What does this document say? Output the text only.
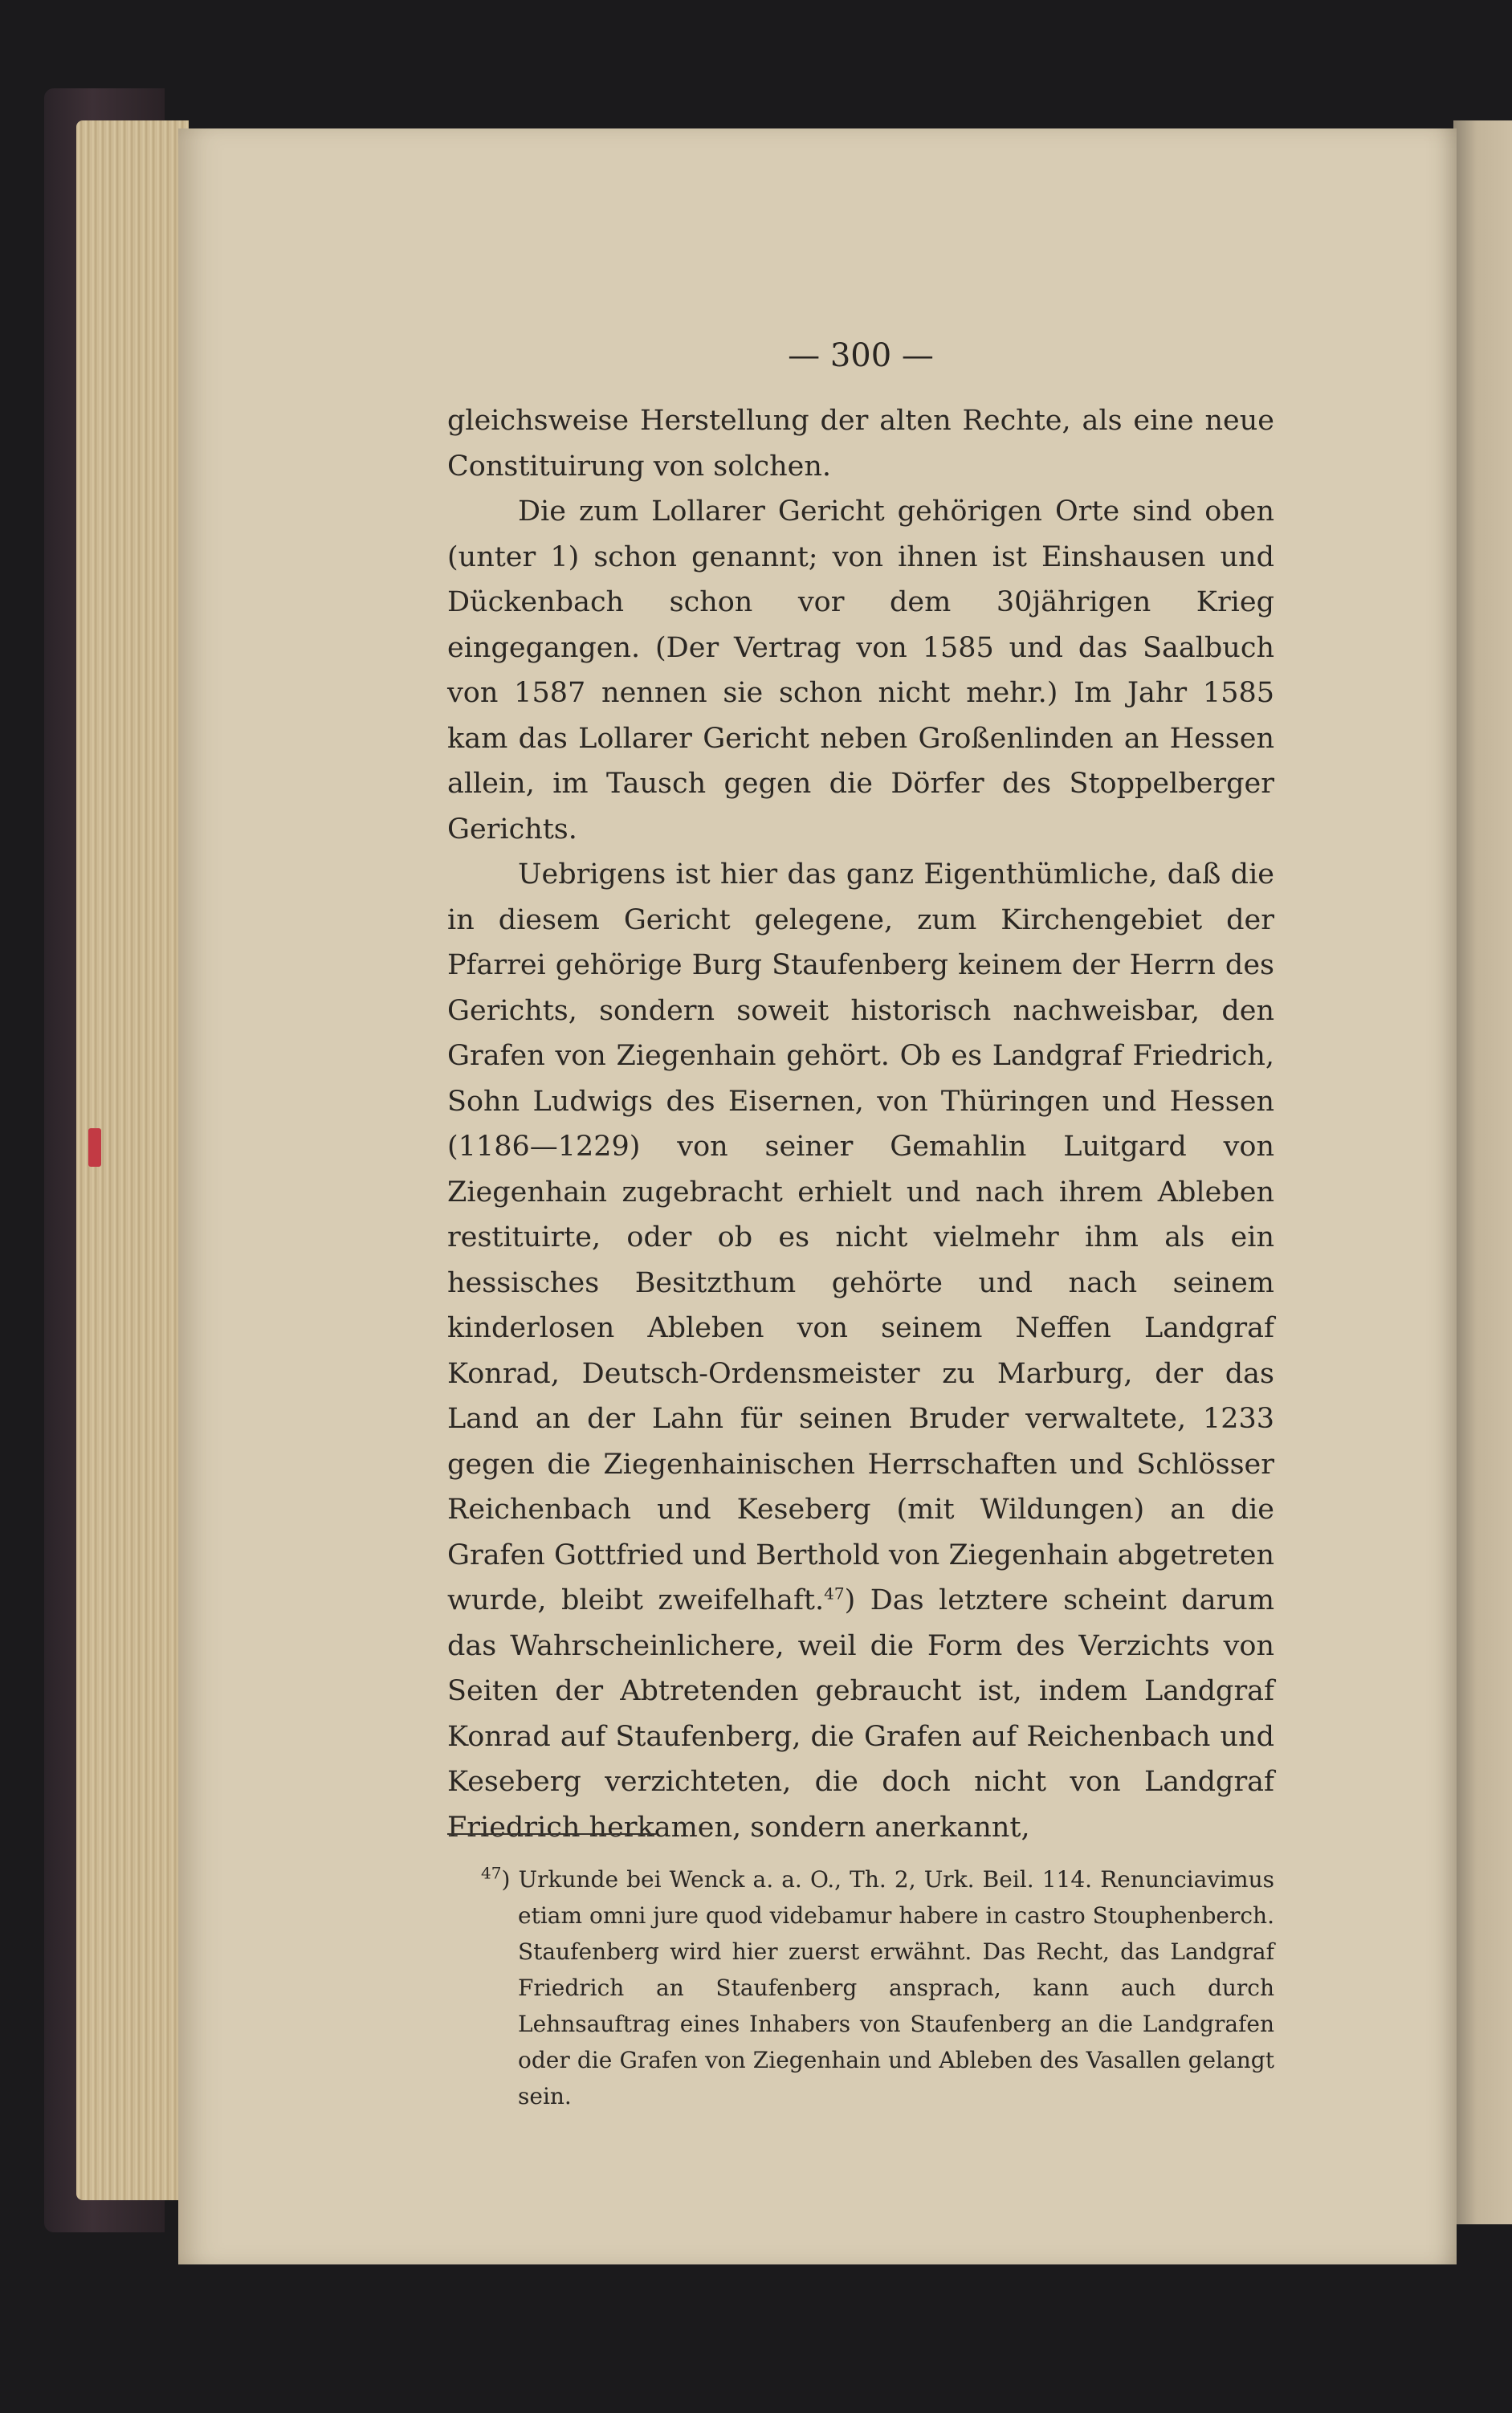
— 300 —

gleichsweise Herstellung der alten Rechte, als eine neue Constituirung von solchen.

Die zum Lollarer Gericht gehörigen Orte sind oben (unter 1) schon genannt; von ihnen ist Einshausen und Dückenbach schon vor dem 30jährigen Krieg eingegangen. (Der Vertrag von 1585 und das Saalbuch von 1587 nennen sie schon nicht mehr.) Im Jahr 1585 kam das Lollarer Gericht neben Großenlinden an Hessen allein, im Tausch gegen die Dörfer des Stoppelberger Gerichts.

Uebrigens ist hier das ganz Eigenthümliche, daß die in diesem Gericht gelegene, zum Kirchengebiet der Pfarrei gehörige Burg Staufenberg keinem der Herrn des Gerichts, sondern soweit historisch nachweisbar, den Grafen von Ziegenhain gehört. Ob es Landgraf Friedrich, Sohn Ludwigs des Eisernen, von Thüringen und Hessen (1186—1229) von seiner Gemahlin Luitgard von Ziegenhain zugebracht erhielt und nach ihrem Ableben restituirte, oder ob es nicht vielmehr ihm als ein hessisches Besitzthum gehörte und nach seinem kinderlosen Ableben von seinem Neffen Landgraf Konrad, Deutsch-Ordensmeister zu Marburg, der das Land an der Lahn für seinen Bruder verwaltete, 1233 gegen die Ziegenhainischen Herrschaften und Schlösser Reichenbach und Keseberg (mit Wildungen) an die Grafen Gottfried und Berthold von Ziegenhain abgetreten wurde, bleibt zweifelhaft.$^{47}$) Das letztere scheint darum das Wahrscheinlichere, weil die Form des Verzichts von Seiten der Abtretenden gebraucht ist, indem Landgraf Konrad auf Staufenberg, die Grafen auf Reichenbach und Keseberg verzichteten, die doch nicht von Landgraf Friedrich herkamen, sondern anerkannt,

$^{47}$) Urkunde bei Wenck a. a. O., Th. 2, Urk. Beil. 114. Renunciavimus etiam omni jure quod videbamur habere in castro Stouphenberch. Staufenberg wird hier zuerst erwähnt. Das Recht, das Landgraf Friedrich an Staufenberg ansprach, kann auch durch Lehnsauftrag eines Inhabers von Staufenberg an die Landgrafen oder die Grafen von Ziegenhain und Ableben des Vasallen gelangt sein.
